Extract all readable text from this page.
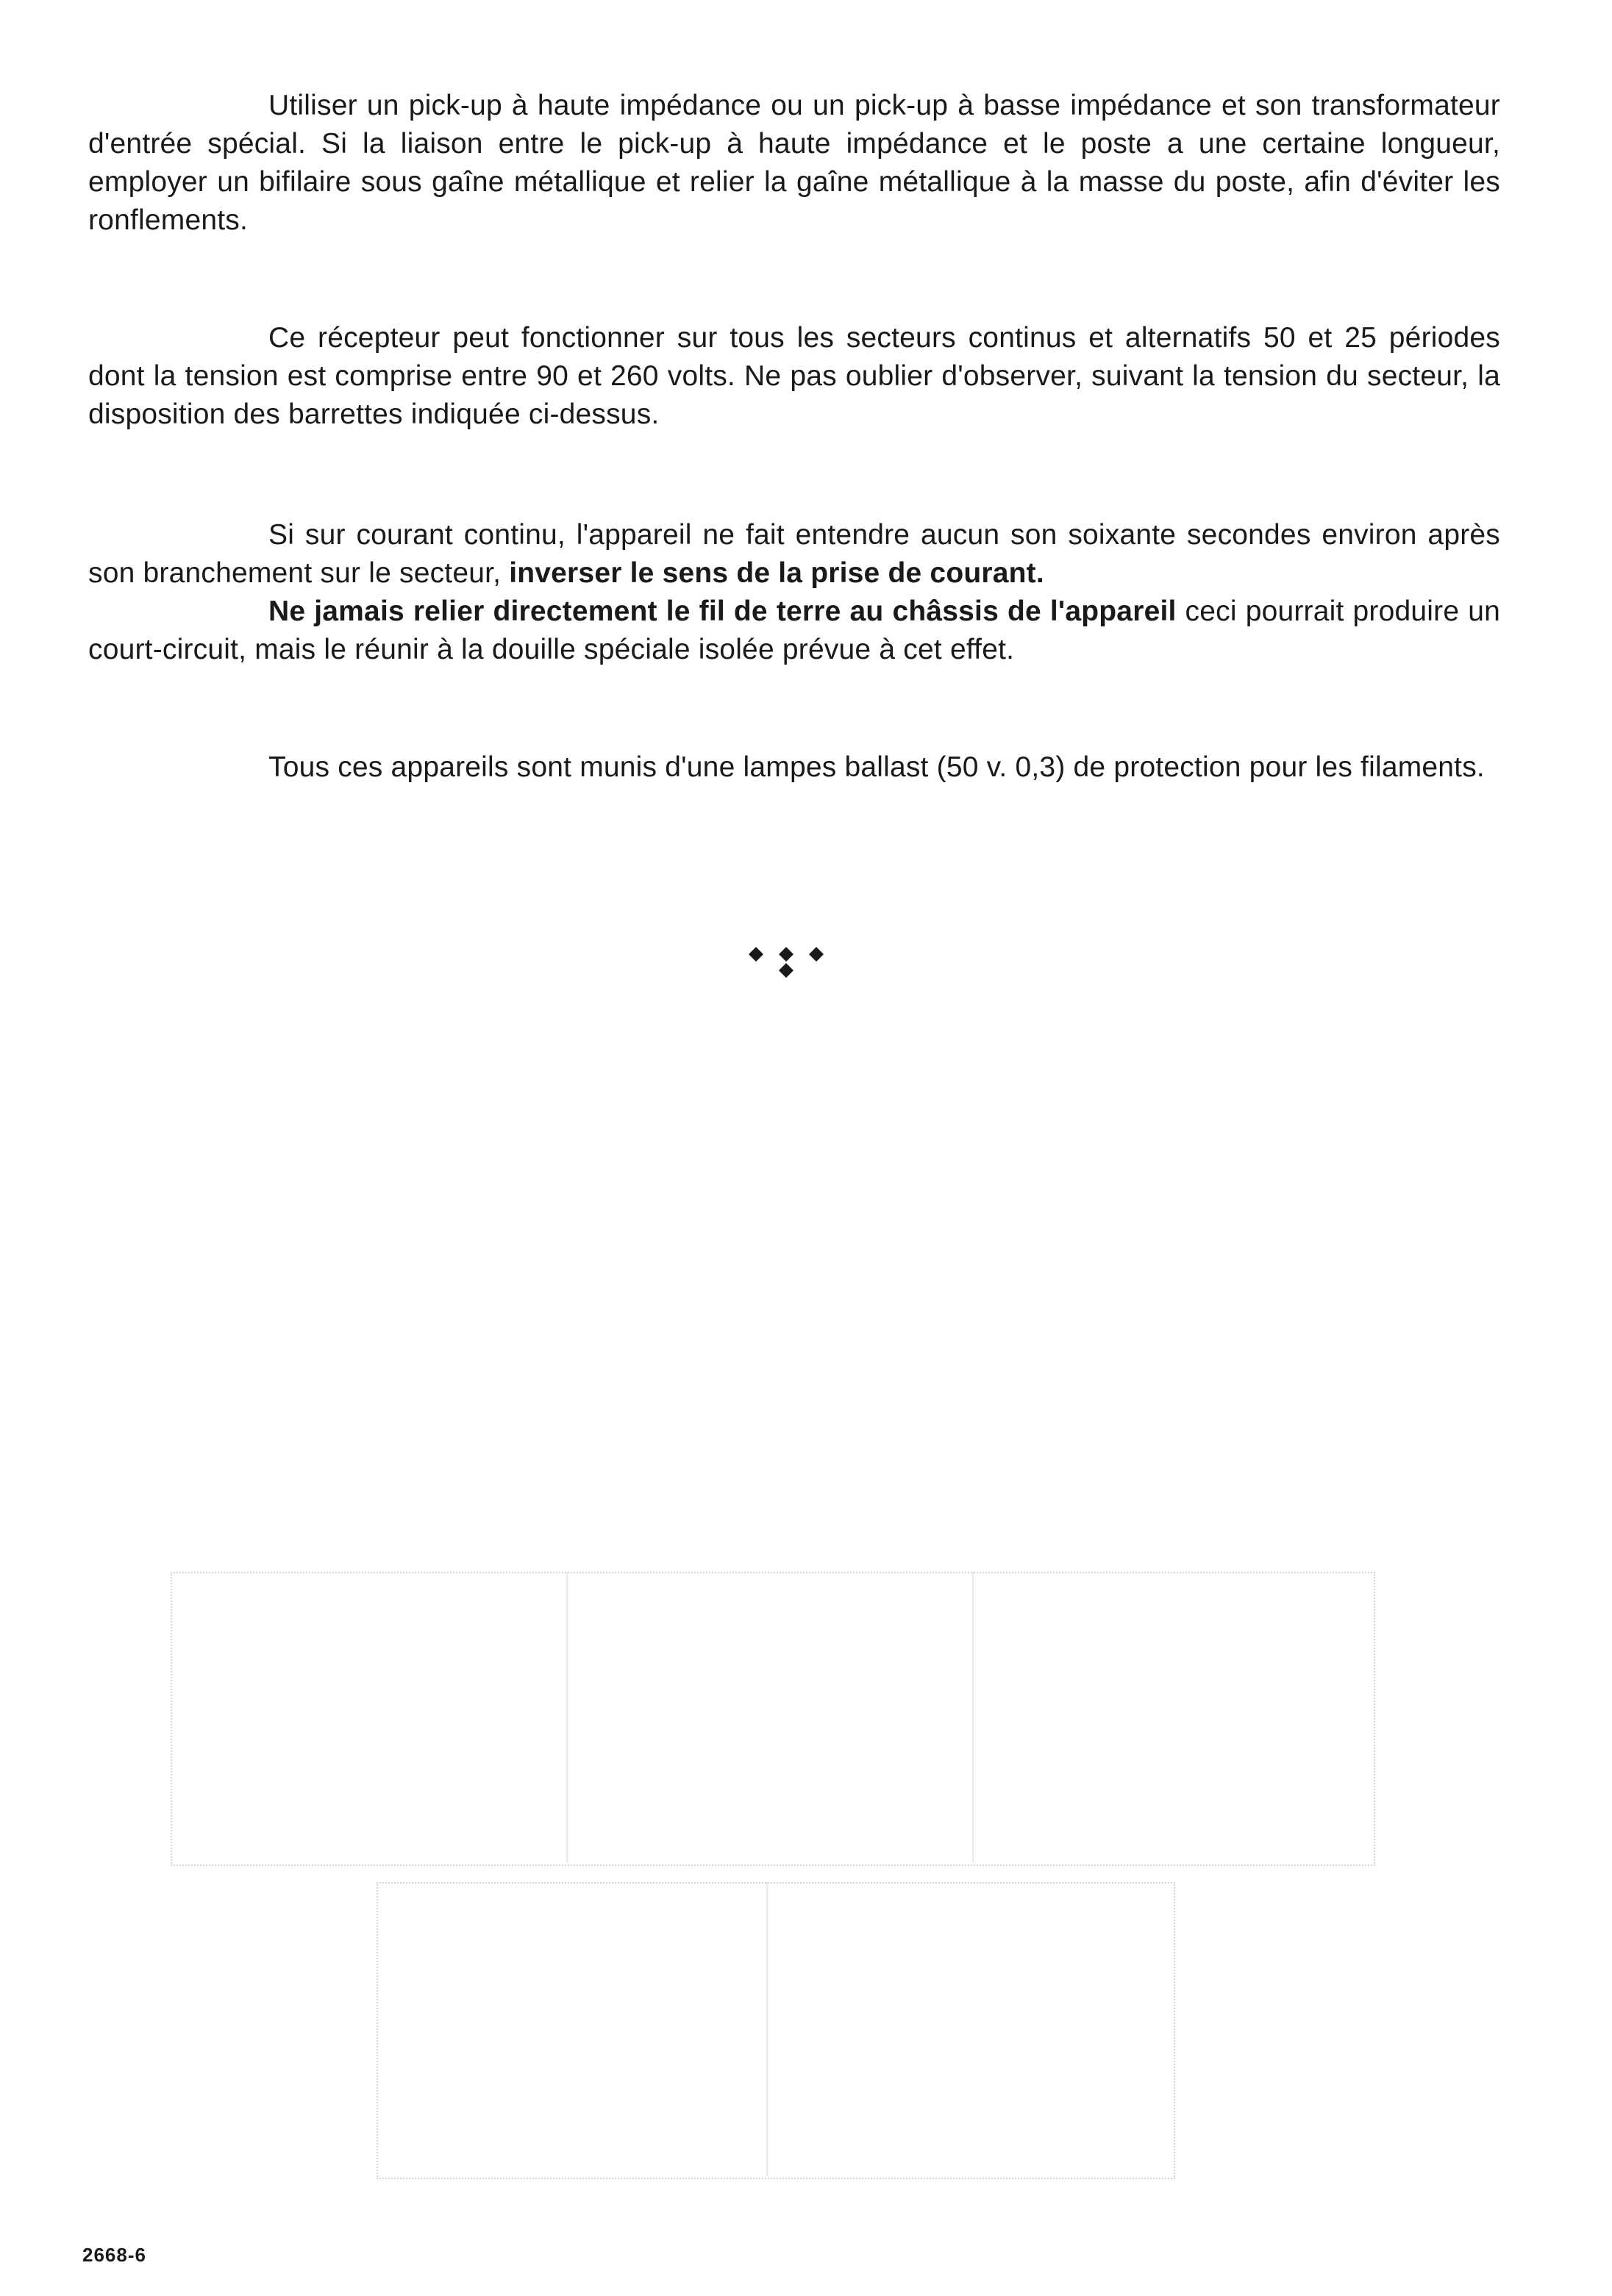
Utiliser un pick-up à haute impédance ou un pick-up à basse impédance et son transformateur d'entrée spécial. Si la liaison entre le pick-up à haute impédance et le poste a une certaine longueur, employer un bifilaire sous gaîne métallique et relier la gaîne métallique à la masse du poste, afin d'éviter les ronflements.
Ce récepteur peut fonctionner sur tous les secteurs continus et alternatifs 50 et 25 périodes dont la tension est comprise entre 90 et 260 volts. Ne pas oublier d'observer, suivant la tension du secteur, la disposition des barrettes indiquée ci-dessus.
Si sur courant continu, l'appareil ne fait entendre aucun son soixante secondes environ après son branchement sur le secteur, inverser le sens de la prise de courant.
Ne jamais relier directement le fil de terre au châssis de l'appareil ceci pourrait produire un court-circuit, mais le réunir à la douille spéciale isolée prévue à cet effet.
Tous ces appareils sont munis d'une lampes ballast (50 v. 0,3) de protection pour les filaments.
2668-6
